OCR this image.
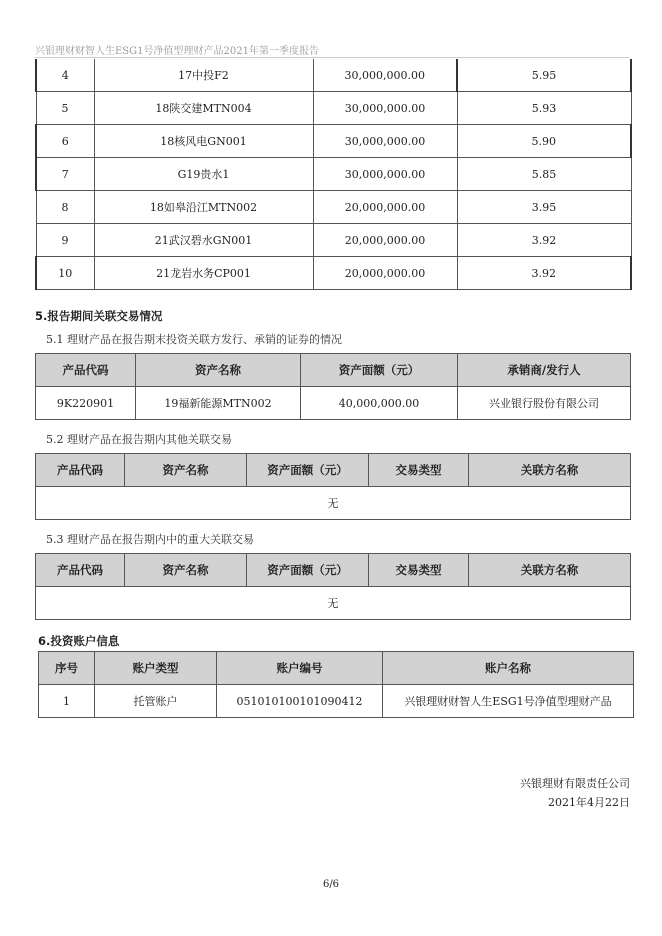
兴银理财财智人生ESG1号净值型理财产品2021年第一季度报告
4	17中投F2	30,000,000.00	5.95
5	18陕交建MTN004	30,000,000.00	5.93
6	18核风电GN001	30,000,000.00	5.90
7	G19贵水1	30,000,000.00	5.85
8	18如皋沿江MTN002	20,000,000.00	3.95
9	21武汉碧水GN001	20,000,000.00	3.92
10	21龙岩水务CP001	20,000,000.00	3.92
5.报告期间关联交易情况
5.1 理财产品在报告期末投资关联方发行、承销的证券的情况
产品代码	资产名称	资产面额（元）	承销商/发行人
9K220901	19福新能源MTN002	40,000,000.00	兴业银行股份有限公司
5.2 理财产品在报告期内其他关联交易
产品代码	资产名称	资产面额（元）	交易类型	关联方名称
无
5.3 理财产品在报告期内中的重大关联交易
产品代码	资产名称	资产面额（元）	交易类型	关联方名称
无
6.投资账户信息
序号	账户类型	账户编号	账户名称
1	托管账户	051010100101090412	兴银理财财智人生ESG1号净值型理财产品
兴银理财有限责任公司
2021年4月22日
6/6
